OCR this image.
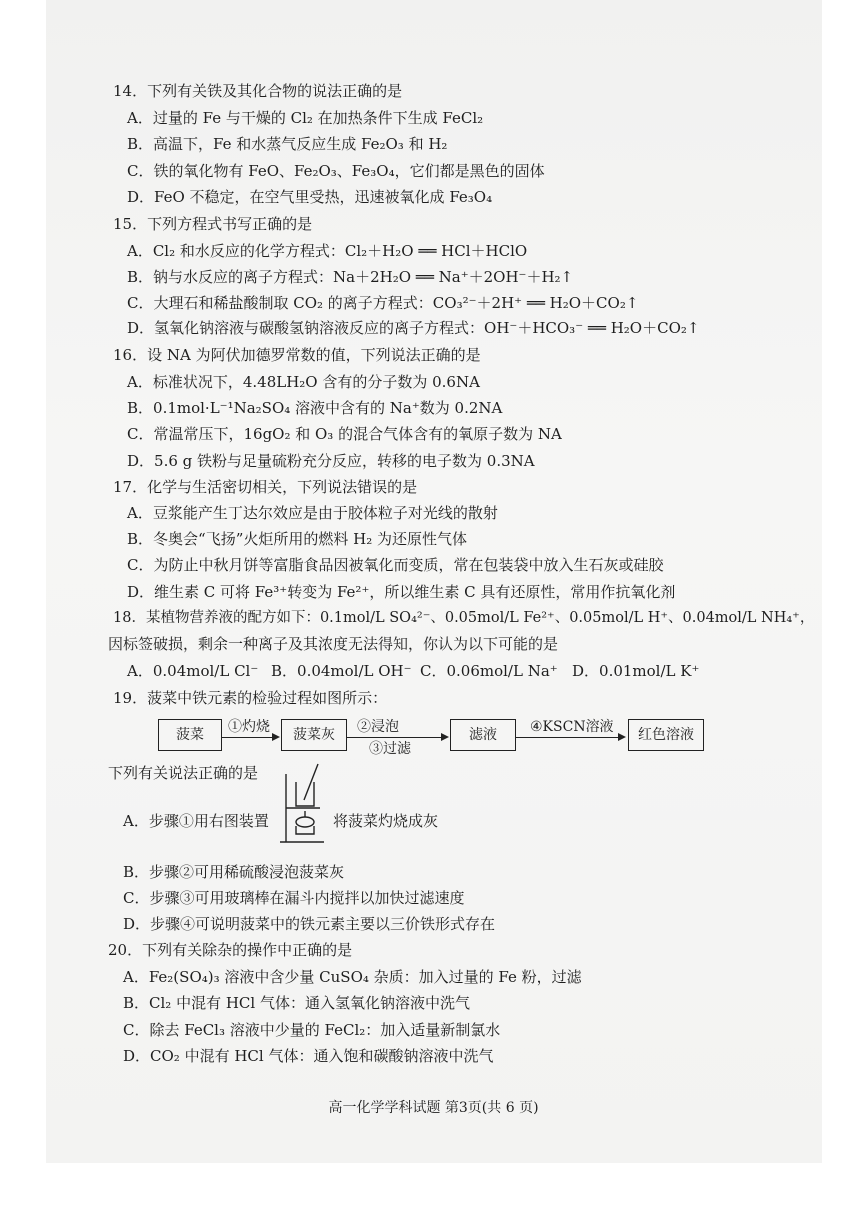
14．下列有关铁及其化合物的说法正确的是
A．过量的 Fe 与干燥的 Cl₂ 在加热条件下生成 FeCl₂
B．高温下，Fe 和水蒸气反应生成 Fe₂O₃ 和 H₂
C．铁的氧化物有 FeO、Fe₂O₃、Fe₃O₄，它们都是黑色的固体
D．FeO 不稳定，在空气里受热，迅速被氧化成 Fe₃O₄
15．下列方程式书写正确的是
A．Cl₂ 和水反应的化学方程式：Cl₂＋H₂O ══ HCl＋HClO
B．钠与水反应的离子方程式：Na＋2H₂O ══ Na⁺＋2OH⁻＋H₂↑
C．大理石和稀盐酸制取 CO₂ 的离子方程式：CO₃²⁻＋2H⁺ ══ H₂O＋CO₂↑
D．氢氧化钠溶液与碳酸氢钠溶液反应的离子方程式：OH⁻＋HCO₃⁻ ══ H₂O＋CO₂↑
16．设 NA 为阿伏加德罗常数的值，下列说法正确的是
A．标准状况下，4.48LH₂O 含有的分子数为 0.6NA
B．0.1mol·L⁻¹Na₂SO₄ 溶液中含有的 Na⁺数为 0.2NA
C．常温常压下，16gO₂ 和 O₃ 的混合气体含有的氧原子数为 NA
D．5.6 g 铁粉与足量硫粉充分反应，转移的电子数为 0.3NA
17．化学与生活密切相关，下列说法错误的是
A．豆浆能产生丁达尔效应是由于胶体粒子对光线的散射
B．冬奥会“飞扬”火炬所用的燃料 H₂ 为还原性气体
C．为防止中秋月饼等富脂食品因被氧化而变质，常在包装袋中放入生石灰或硅胶
D．维生素 C 可将 Fe³⁺转变为 Fe²⁺，所以维生素 C 具有还原性，常用作抗氧化剂
18．某植物营养液的配方如下：0.1mol/L SO₄²⁻、0.05mol/L Fe²⁺、0.05mol/L H⁺、0.04mol/L NH₄⁺，
因标签破损，剩余一种离子及其浓度无法得知，你认为以下可能的是
A．0.04mol/L Cl⁻ B．0.04mol/L OH⁻ C．0.06mol/L Na⁺ D．0.01mol/L K⁺
19．菠菜中铁元素的检验过程如图所示：
菠菜	①灼烧	菠菜灰	②浸泡
③过滤
滤液	④KSCN溶液	红色溶液
下列有关说法正确的是
A．步骤①用右图装置	将菠菜灼烧成灰
B．步骤②可用稀硫酸浸泡菠菜灰
C．步骤③可用玻璃棒在漏斗内搅拌以加快过滤速度
D．步骤④可说明菠菜中的铁元素主要以三价铁形式存在
20．下列有关除杂的操作中正确的是
A．Fe₂(SO₄)₃ 溶液中含少量 CuSO₄ 杂质：加入过量的 Fe 粉，过滤
B．Cl₂ 中混有 HCl 气体：通入氢氧化钠溶液中洗气
C．除去 FeCl₃ 溶液中少量的 FeCl₂：加入适量新制氯水
D．CO₂ 中混有 HCl 气体：通入饱和碳酸钠溶液中洗气
高一化学学科试题 第3页(共 6 页)
